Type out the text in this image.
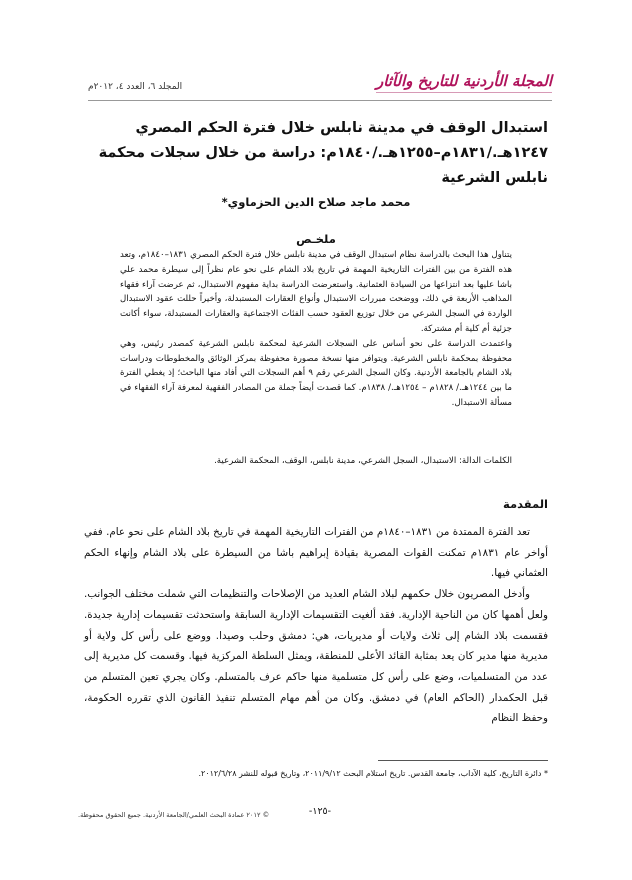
المجلة الأردنية للتاريخ والآثار
المجلد ٦، العدد ٤، ٢٠١٢م
استبدال الوقف في مدينة نابلس خلال فترة الحكم المصري ١٢٤٧هـ./١٨٣١م–١٢٥٥هـ./١٨٤٠م: دراسة من خلال سجلات محكمة نابلس الشرعية
محمد ماجد صلاح الدين الحزماوي*
ملخـص

يتناول هذا البحث بالدراسة نظام استبدال الوقف في مدينة نابلس خلال فترة الحكم المصري ١٨٣١–١٨٤٠م، وتعد هذه الفترة من بين الفترات التاريخية المهمة في تاريخ بلاد الشام على نحو عام نظراً إلى سيطرة محمد علي باشا عليها بعد انتزاعها من السيادة العثمانية. واستعرضت الدراسة بداية مفهوم الاستبدال، ثم عرضت آراء فقهاء المذاهب الأربعة في ذلك، ووضحت مبررات الاستبدال وأنواع العقارات المستبدلة، وأخيراً حللت عقود الاستبدال الواردة في السجل الشرعي من خلال توزيع العقود حسب الفئات الاجتماعية والعقارات المستبدلة، سواء أكانت جزئية أم كلية أم مشتركة.

واعتمدت الدراسة على نحو أساس على السجلات الشرعية لمحكمة نابلس الشرعية كمصدر رئيس، وهي محفوظة بمحكمة نابلس الشرعية. ويتوافر منها نسخة مصورة محفوظة بمركز الوثائق والمخطوطات ودراسات بلاد الشام بالجامعة الأردنية. وكان السجل الشرعي رقم ٩ أهم السجلات التي أفاد منها الباحث؛ إذ يغطي الفترة ما بين ١٢٤٤هـ./ ١٨٢٨م – ١٢٥٤هـ./ ١٨٣٨م. كما قصدت أيضاً جملة من المصادر الفقهية لمعرفة آراء الفقهاء في مسألة الاستبدال.

الكلمات الدالة: الاستبدال، السجل الشرعي، مدينة نابلس، الوقف، المحكمة الشرعية.
المقدمة

تعد الفترة الممتدة من ١٨٣١–١٨٤٠م من الفترات التاريخية المهمة في تاريخ بلاد الشام على نحو عام. ففي أواخر عام ١٨٣١م تمكنت القوات المصرية بقيادة إبراهيم باشا من السيطرة على بلاد الشام وإنهاء الحكم العثماني فيها.

وأدخل المصريون خلال حكمهم لبلاد الشام العديد من الإصلاحات والتنظيمات التي شملت مختلف الجوانب. ولعل أهمها كان من الناحية الإدارية. فقد ألغيت التقسيمات الإدارية السابقة واستحدثت تقسيمات إدارية جديدة. فقسمت بلاد الشام إلى ثلاث ولايات أو مديريات، هي: دمشق وحلب وصيدا. ووضع على رأس كل ولاية أو مديرية منها مدير كان يعد بمثابة القائد الأعلى للمنطقة، ويمثل السلطة المركزية فيها. وقسمت كل مديرية إلى عدد من المتسلميات، وضع على رأس كل متسلمية منها حاكم عرف بالمتسلم. وكان يجري تعين المتسلم من قبل الحكمدار (الحاكم العام) في دمشق. وكان من أهم مهام المتسلم تنفيذ القانون الذي تقرره الحكومة، وحفظ النظام

* دائرة التاريخ، كلية الآداب، جامعة القدس. تاريخ استلام البحث ٢٠١١/٩/١٢، وتاريخ قبوله للنشر ٢٠١٢/٦/٢٨.
-١٢٥-
© ٢٠١٢ عمادة البحث العلمي/الجامعة الأردنية. جميع الحقوق محفوظة.
